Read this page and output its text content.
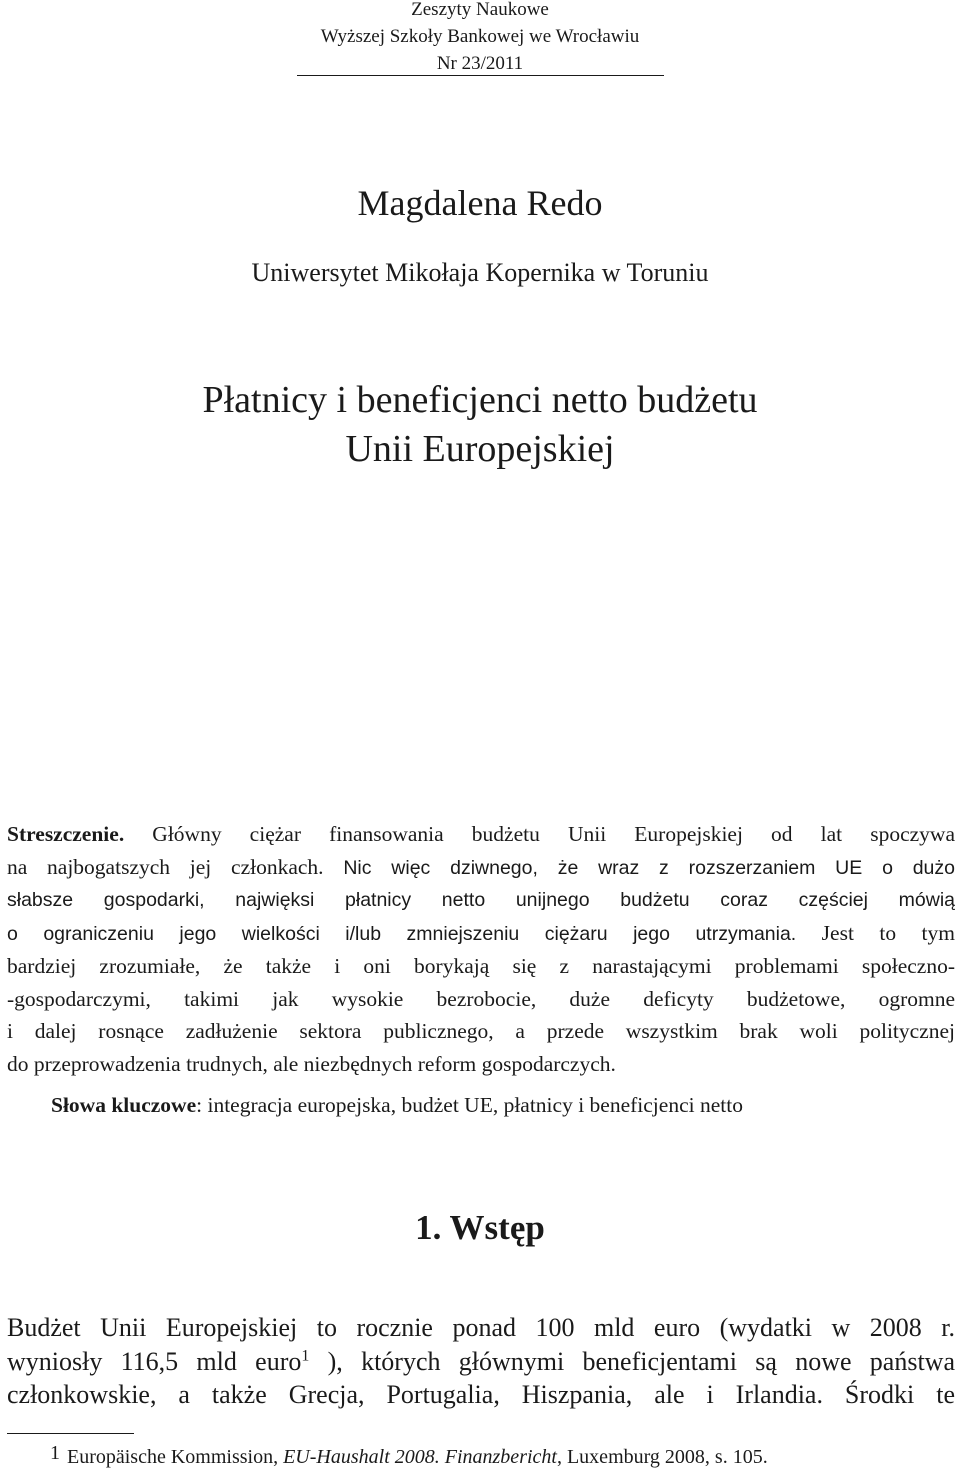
Zeszyty Naukowe
Wyższej Szkoły Bankowej we Wrocławiu
Nr 23/2011
Magdalena Redo
Uniwersytet Mikołaja Kopernika w Toruniu
Płatnicy i beneficjenci netto budżetu
Unii Europejskiej
Streszczenie. Główny ciężar finansowania budżetu Unii Europejskiej od lat spoczywa
na najbogatszych jej członkach. Nic więc dziwnego, że wraz z rozszerzaniem UE o dużo
słabsze gospodarki, najwięksi płatnicy netto unijnego budżetu coraz częściej mówią
o ograniczeniu jego wielkości i/lub zmniejszeniu ciężaru jego utrzymania. Jest to tym
bardziej zrozumiałe, że także i oni borykają się z narastającymi problemami społeczno-
-gospodarczymi, takimi jak wysokie bezrobocie, duże deficyty budżetowe, ogromne
i dalej rosnące zadłużenie sektora publicznego, a przede wszystkim brak woli politycznej
do przeprowadzenia trudnych, ale niezbędnych reform gospodarczych.
Słowa kluczowe: integracja europejska, budżet UE, płatnicy i beneficjenci netto
1. Wstęp
Budżet Unii Europejskiej to rocznie ponad 100 mld euro (wydatki w 2008 r.
wyniosły 116,5 mld euro$^1$ ), których głównymi beneficjentami są nowe państwa
członkowskie, a także Grecja, Portugalia, Hiszpania, ale i Irlandia. Środki te
1 Europäische Kommission, EU-Haushalt 2008. Finanzbericht, Luxemburg 2008, s. 105.
